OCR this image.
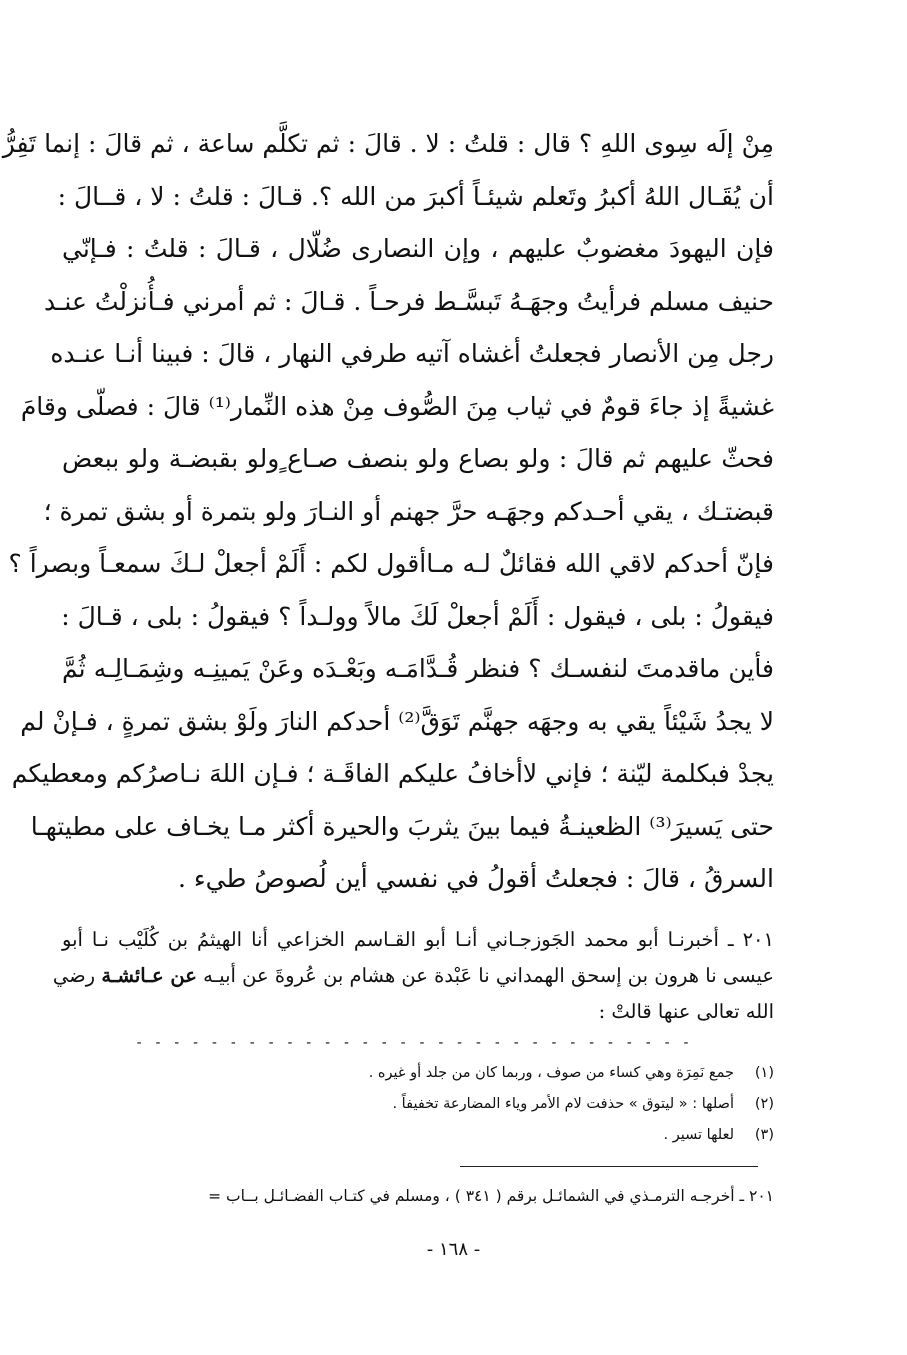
مِنْ إلَه سِوى اللهِ ؟ قال : قلتُ : لا . قالَ : ثم تكلَّم ساعة ، ثم قالَ : إنما تَفِرُّ
أن يُقَـال اللهُ أكبرُ وتَعلم شيئـاً أكبرَ من الله ؟. قـالَ : قلتُ : لا ، قــالَ :
فإن اليهودَ مغضوبٌ عليهم ، وإن النصارى ضُلّال ، قـالَ : قلتُ : فـإنّي
حنيف مسلم فرأيتُ وجهَـهُ تَبسَّـط فرحـاً . قـالَ : ثم أمرني فـأُنزلْتُ عنـد
رجل مِن الأنصار فجعلتُ أغشاه آتيه طرفي النهار ، قالَ : فبينا أنـا عنـده
غشيةً إذ جاءَ قومٌ في ثياب مِنَ الصُّوف مِنْ هذه النِّمار⁽¹⁾ قالَ : فصلّى وقامَ
فحثّ عليهم ثم قالَ : ولو بصاع ولو بنصف صـاع ٍولو بقبضـة ولو ببعض
قبضتـك ، يقي أحـدكم وجهَـه حرَّ جهنم أو النـارَ ولو بتمرة أو بشق تمرة ؛
فإنّ أحدكم لاقي الله فقائلٌ لـه مـاأقول لكم : أَلَمْ أجعلْ لـكَ سمعـاً وبصراً ؟
فيقولُ : بلى ، فيقول : أَلَمْ أجعلْ لَكَ مالاً وولـداً ؟ فيقولُ : بلى ، قـالَ :
فأين ماقدمتَ لنفسـك ؟ فنظر قُـدَّامَـه وبَعْـدَه وعَنْ يَمينِـه وشِمَـالِـه ثُمَّ
لا يجدُ شَيْئاً يقي به وجهَه جهنَّم تَوَقَّ⁽²⁾ أحدكم النارَ ولَوْ بشق تمرةٍ ، فـإنْ لم
يجدْ فبكلمة ليّنة ؛ فإني لاأخافُ عليكم الفاقَـة ؛ فـإن اللهَ نـاصرُكم ومعطيكم
حتى يَسيرَ⁽³⁾ الظعينـةُ فيما بينَ يثربَ والحيرة أكثر مـا يخـاف على مطيتهـا
السرقُ ، قالَ : فجعلتُ أقولُ في نفسي أين لُصوصُ طيء .
٢٠١ ـ أخبرنـا أبو محمد الجَوزجـاني أنـا أبو القـاسم الخزاعي أنا الهيثمُ بن كُلَيْب نـا أبو
عيسى نا هرون بن إسحق الهمداني نا عَبْدة عن هشام بن عُروةَ عن أبيـه عن عـائشـة رضي
الله تعالى عنها قالتْ :
- - - - - - - - - - - - - - - - - - - - - - - - - - - - - -
(١)
جمع نَمِرَة وهي كساء من صوف ، وربما كان من جلد أو غيره .
(٢)
أصلها : « ليتوق » حذفت لام الأمر وياء المضارعة تخفيفاً .
(٣)
لعلها تسير .
٢٠١ ـ أخرجـه الترمـذي في الشمائـل برقم ( ٣٤١ ) ، ومسلم في كتـاب الفضـائـل بــاب =
- ١٦٨ -
